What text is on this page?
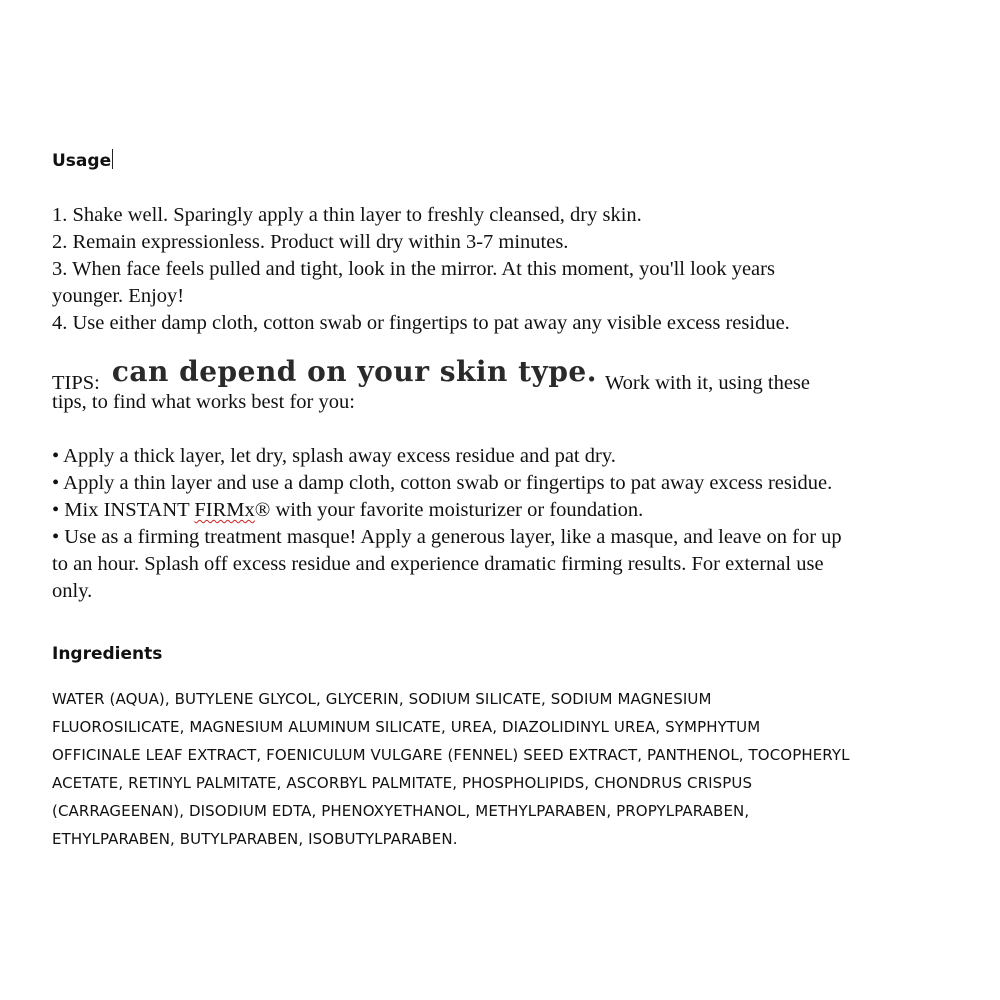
Usage
1. Shake well. Sparingly apply a thin layer to freshly cleansed, dry skin.
2. Remain expressionless. Product will dry within 3-7 minutes.
3. When face feels pulled and tight, look in the mirror. At this moment, you'll look years
younger. Enjoy!
4. Use either damp cloth, cotton swab or fingertips to pat away any visible excess residue.
TIPS: can depend on your skin type. Work with it, using these
tips, to find what works best for you:
• Apply a thick layer, let dry, splash away excess residue and pat dry.
• Apply a thin layer and use a damp cloth, cotton swab or fingertips to pat away excess residue.
• Mix INSTANT FIRMx® with your favorite moisturizer or foundation.
• Use as a firming treatment masque! Apply a generous layer, like a masque, and leave on for up
to an hour. Splash off excess residue and experience dramatic firming results. For external use
only.
Ingredients
WATER (AQUA), BUTYLENE GLYCOL, GLYCERIN, SODIUM SILICATE, SODIUM MAGNESIUM
FLUOROSILICATE, MAGNESIUM ALUMINUM SILICATE, UREA, DIAZOLIDINYL UREA, SYMPHYTUM
OFFICINALE LEAF EXTRACT, FOENICULUM VULGARE (FENNEL) SEED EXTRACT, PANTHENOL, TOCOPHERYL
ACETATE, RETINYL PALMITATE, ASCORBYL PALMITATE, PHOSPHOLIPIDS, CHONDRUS CRISPUS
(CARRAGEENAN), DISODIUM EDTA, PHENOXYETHANOL, METHYLPARABEN, PROPYLPARABEN,
ETHYLPARABEN, BUTYLPARABEN, ISOBUTYLPARABEN.
